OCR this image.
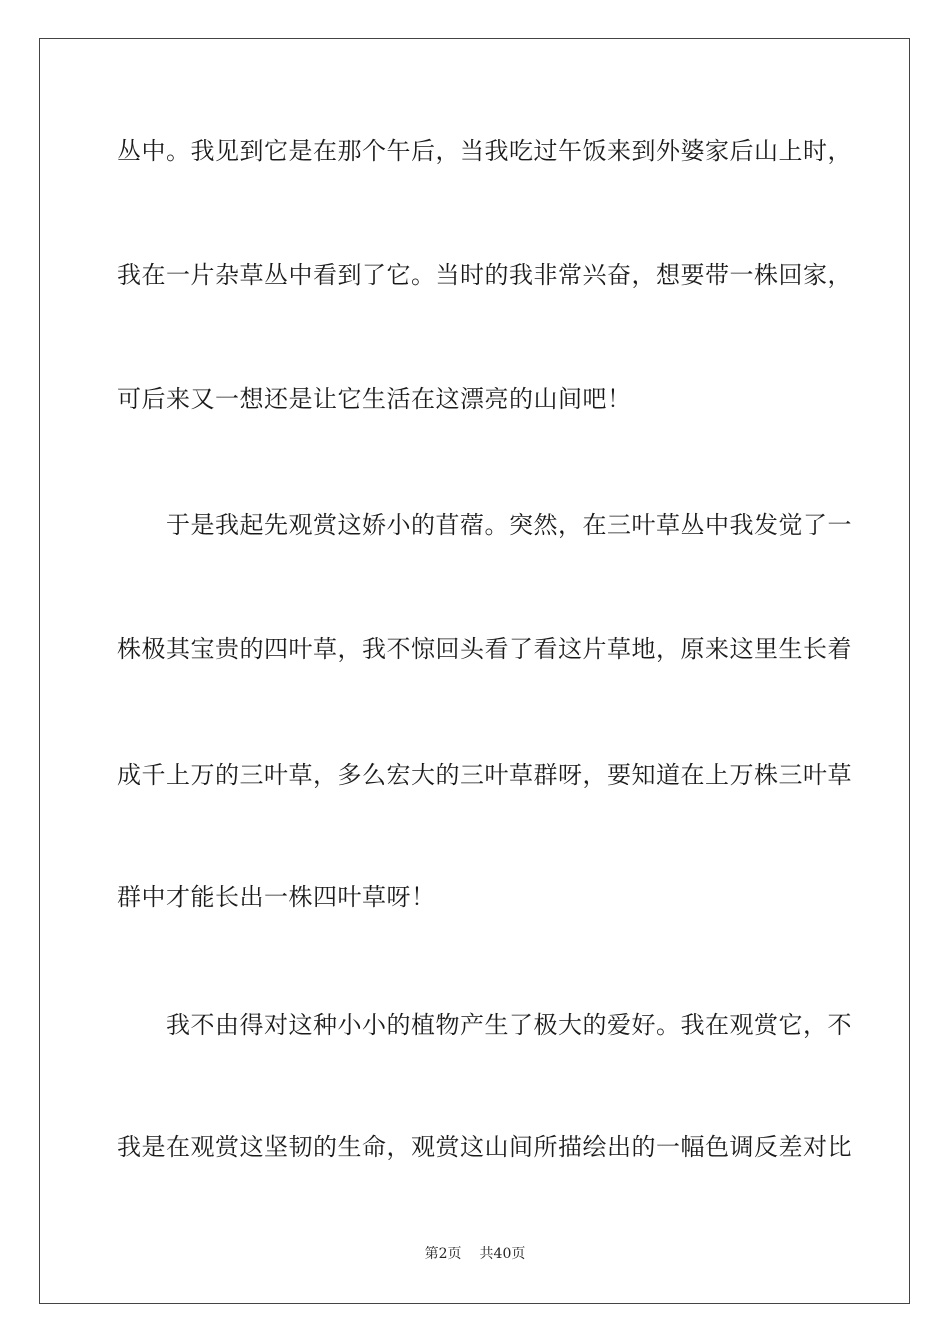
丛中。我见到它是在那个午后，当我吃过午饭来到外婆家后山上时，
我在一片杂草丛中看到了它。当时的我非常兴奋，想要带一株回家，
可后来又一想还是让它生活在这漂亮的山间吧！
　　于是我起先观赏这娇小的苜蓿。突然，在三叶草丛中我发觉了一
株极其宝贵的四叶草，我不惊回头看了看这片草地，原来这里生长着
成千上万的三叶草，多么宏大的三叶草群呀，要知道在上万株三叶草
群中才能长出一株四叶草呀！
　　我不由得对这种小小的植物产生了极大的爱好。我在观赏它，不
我是在观赏这坚韧的生命，观赏这山间所描绘出的一幅色调反差对比
第2页 共40页
